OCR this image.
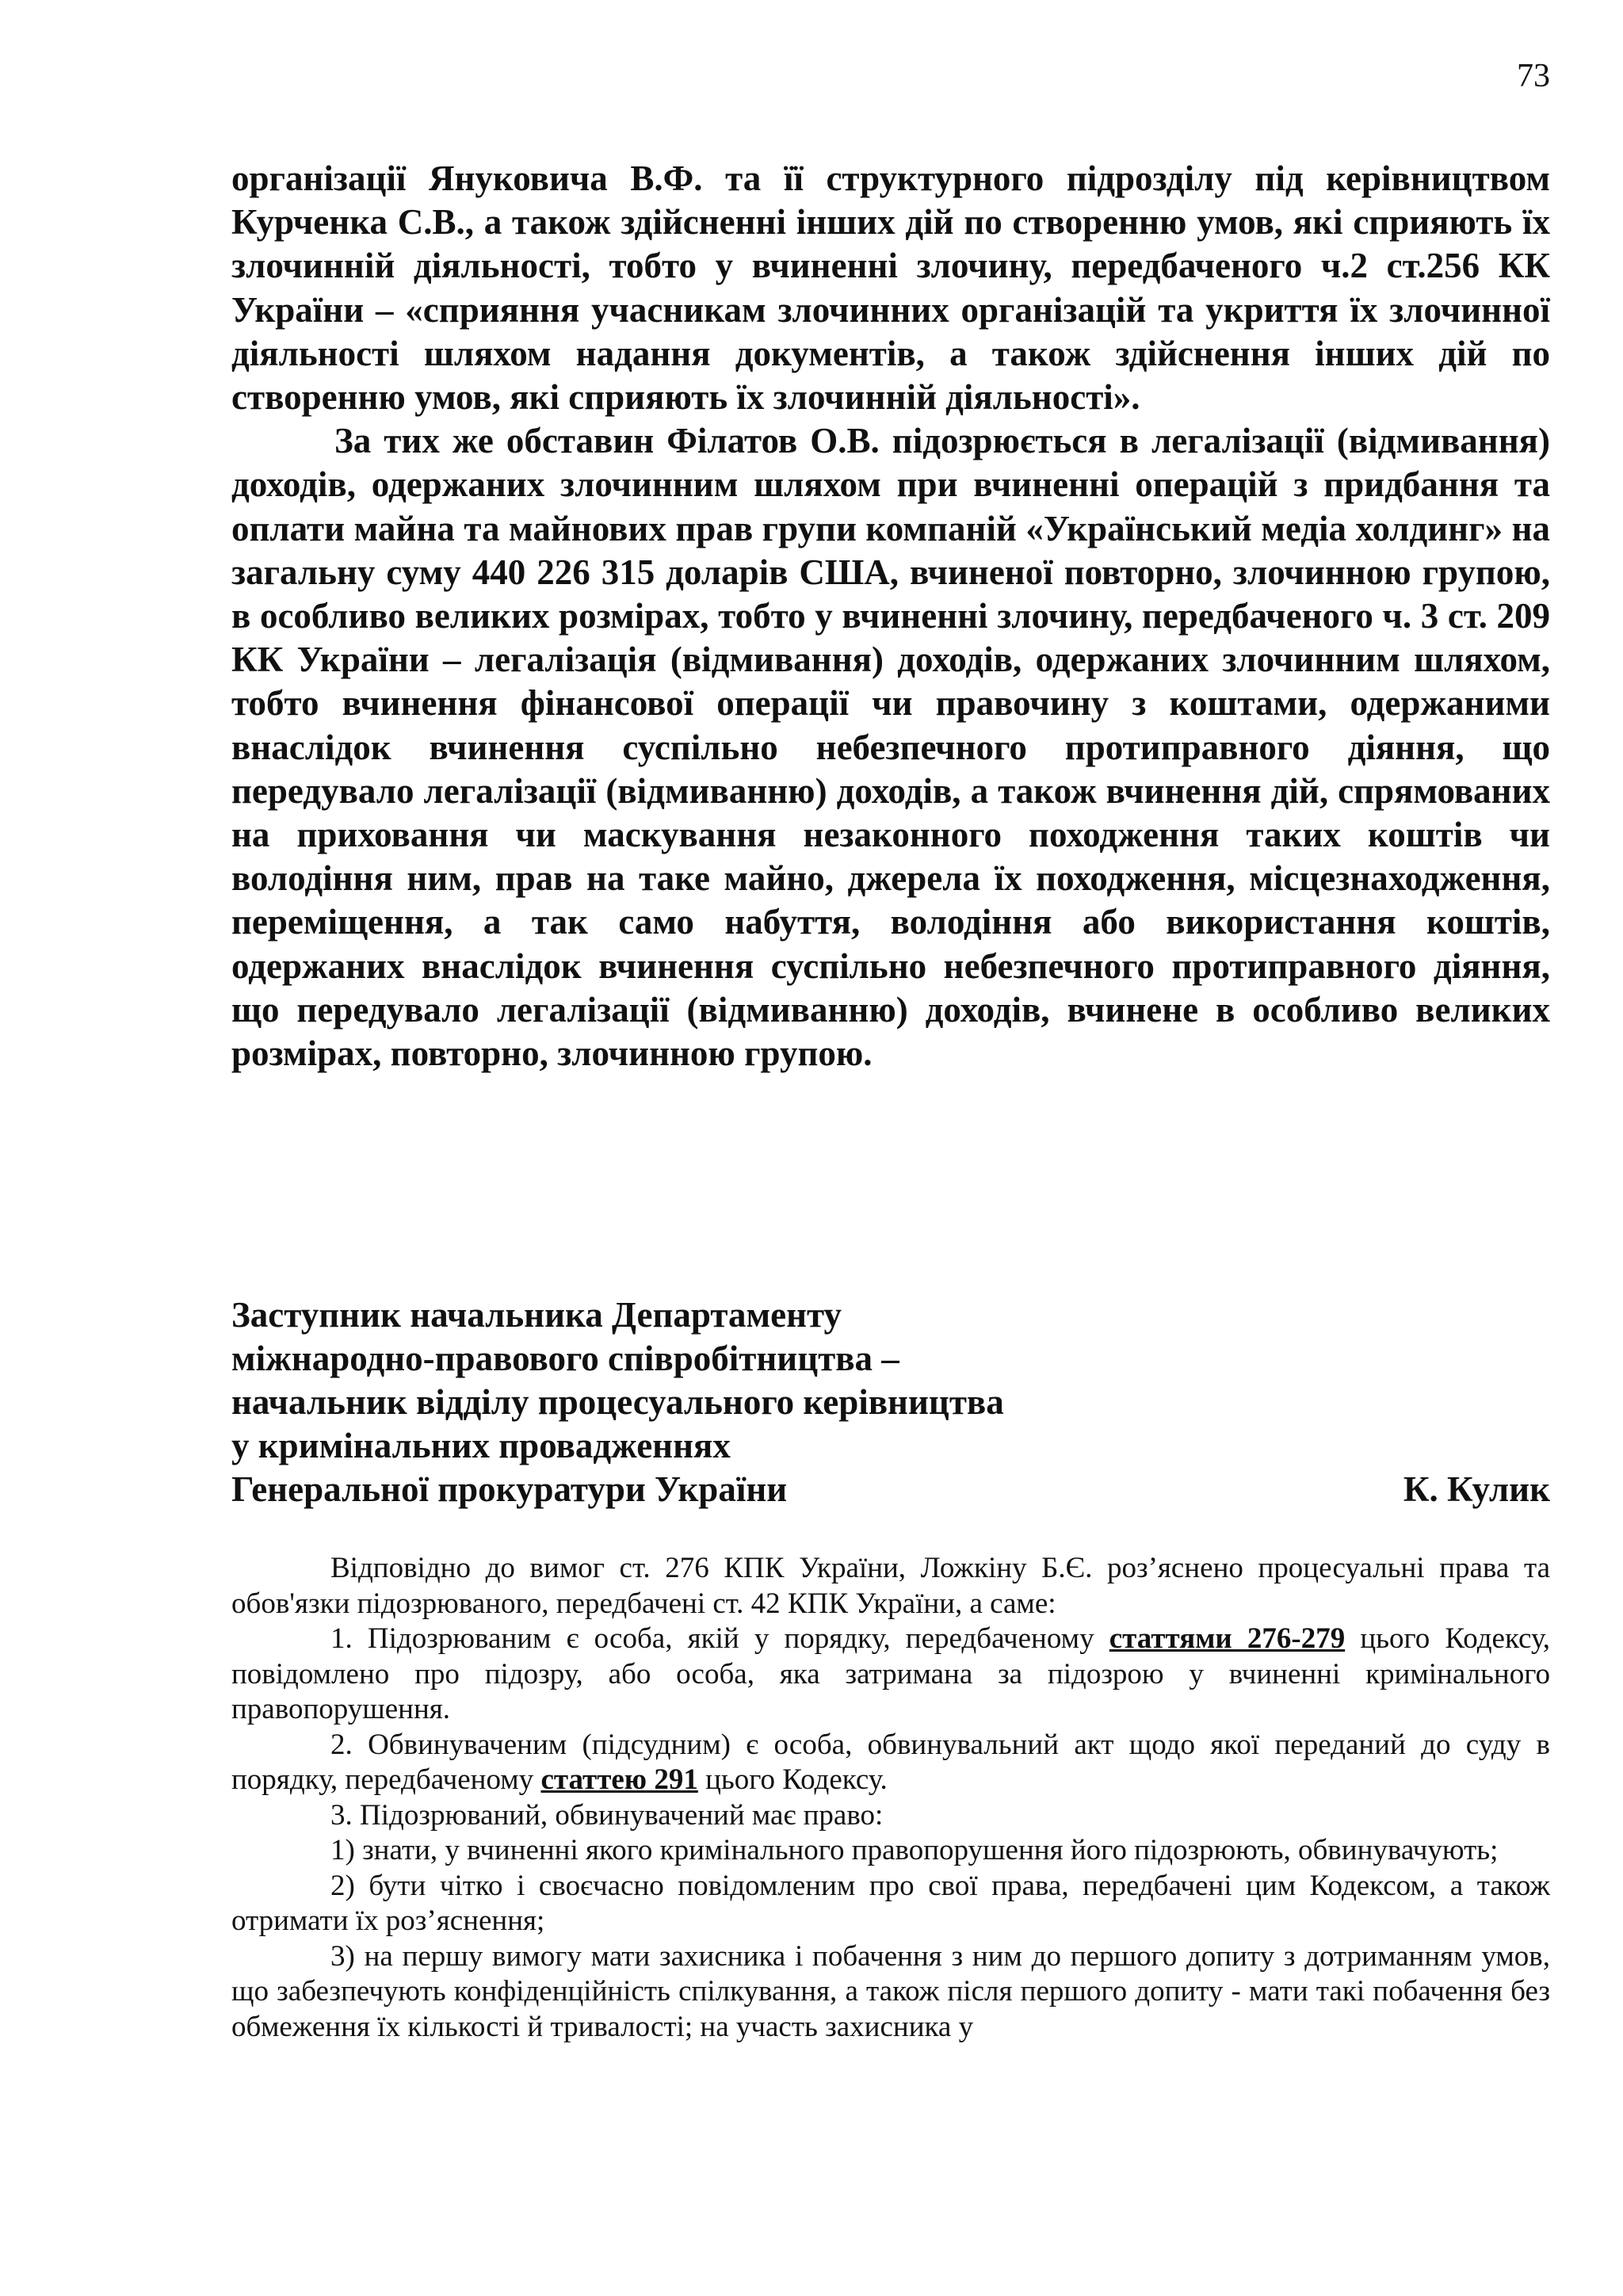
73

організації Януковича В.Ф. та її структурного підрозділу під керівництвом Курченка С.В., а також здійсненні інших дій по створенню умов, які сприяють їх злочинній діяльності, тобто у вчиненні злочину, передбаченого ч.2 ст.256 КК України – «сприяння учасникам злочинних організацій та укриття їх злочинної діяльності шляхом надання документів, а також здійснення інших дій по створенню умов, які сприяють їх злочинній діяльності».

За тих же обставин Філатов О.В. підозрюється в легалізації (відмивання) доходів, одержаних злочинним шляхом при вчиненні операцій з придбання та оплати майна та майнових прав групи компаній «Український медіа холдинг» на загальну суму 440 226 315 доларів США, вчиненої повторно, злочинною групою, в особливо великих розмірах, тобто у вчиненні злочину, передбаченого ч. 3 ст. 209 КК України – легалізація (відмивання) доходів, одержаних злочинним шляхом, тобто вчинення фінансової операції чи правочину з коштами, одержаними внаслідок вчинення суспільно небезпечного протиправного діяння, що передувало легалізації (відмиванню) доходів, а також вчинення дій, спрямованих на приховання чи маскування незаконного походження таких коштів чи володіння ним, прав на таке майно, джерела їх походження, місцезнаходження, переміщення, а так само набуття, володіння або використання коштів, одержаних внаслідок вчинення суспільно небезпечного протиправного діяння, що передувало легалізації (відмиванню) доходів, вчинене в особливо великих розмірах, повторно, злочинною групою.

Заступник начальника Департаменту
міжнародно-правового співробітництва –
начальник відділу процесуального керівництва
у кримінальних провадженнях
Генеральної прокуратури України	К. Кулик

Відповідно до вимог ст. 276 КПК України, Ложкіну Б.Є. роз’яснено процесуальні права та обов'язки підозрюваного, передбачені ст. 42 КПК України, а саме:

1. Підозрюваним є особа, якій у порядку, передбаченому статтями 276-279 цього Кодексу, повідомлено про підозру, або особа, яка затримана за підозрою у вчиненні кримінального правопорушення.

2. Обвинуваченим (підсудним) є особа, обвинувальний акт щодо якої переданий до суду в порядку, передбаченому статтею 291 цього Кодексу.

3. Підозрюваний, обвинувачений має право:

1) знати, у вчиненні якого кримінального правопорушення його підозрюють, обвинувачують;

2) бути чітко і своєчасно повідомленим про свої права, передбачені цим Кодексом, а також отримати їх роз’яснення;

3) на першу вимогу мати захисника і побачення з ним до першого допиту з дотриманням умов, що забезпечують конфіденційність спілкування, а також після першого допиту - мати такі побачення без обмеження їх кількості й тривалості; на участь захисника у
